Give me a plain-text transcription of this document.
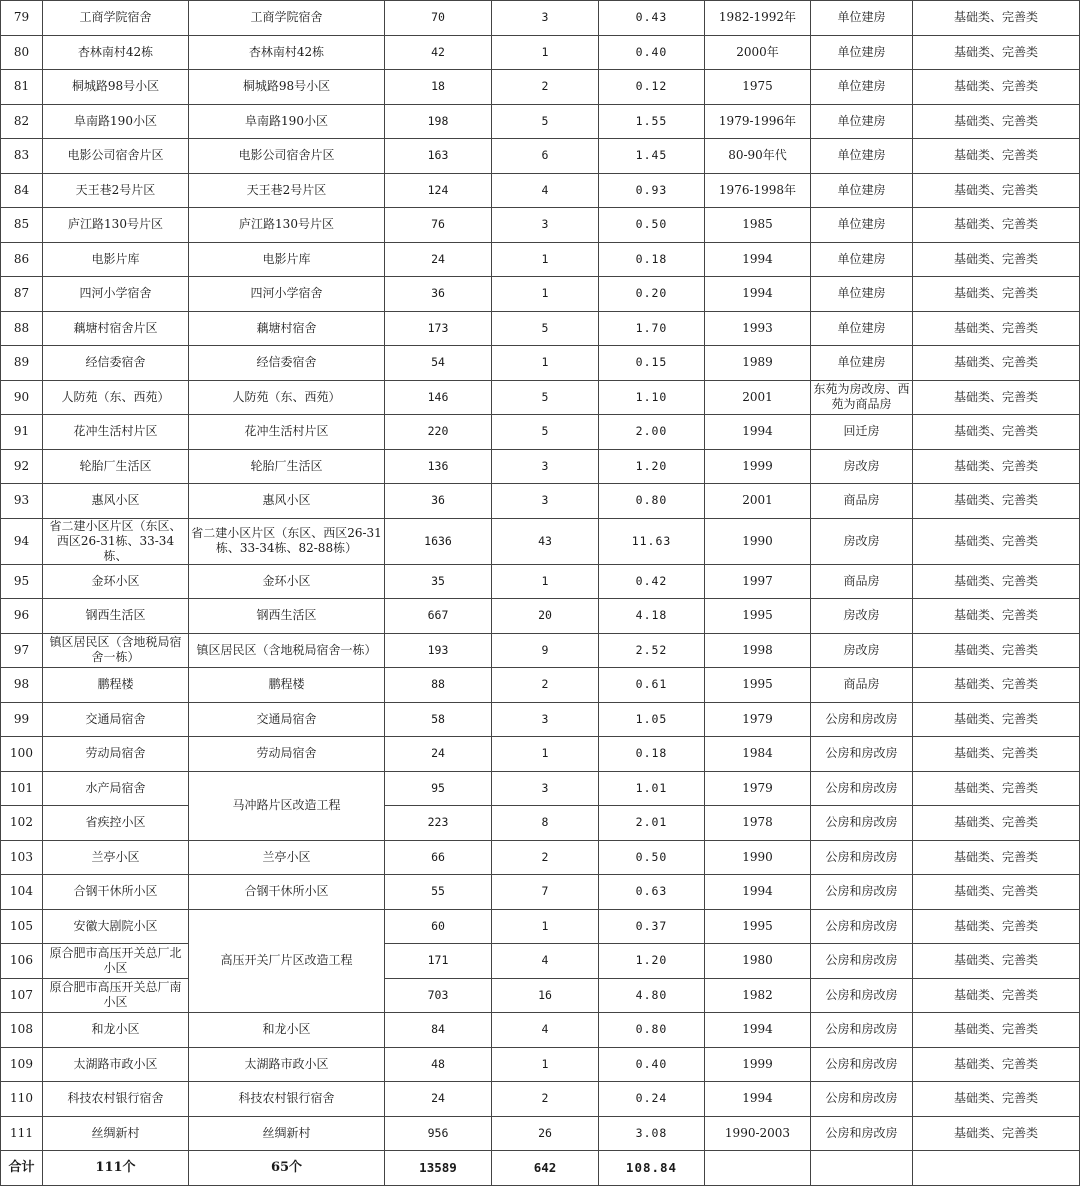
79	工商学院宿舍	工商学院宿舍	70	3	0.43	1982-1992年	单位建房	基础类、完善类
80	杏林南村42栋	杏林南村42栋	42	1	0.40	2000年	单位建房	基础类、完善类
81	桐城路98号小区	桐城路98号小区	18	2	0.12	1975	单位建房	基础类、完善类
82	阜南路190小区	阜南路190小区	198	5	1.55	1979-1996年	单位建房	基础类、完善类
83	电影公司宿舍片区	电影公司宿舍片区	163	6	1.45	80-90年代	单位建房	基础类、完善类
84	天王巷2号片区	天王巷2号片区	124	4	0.93	1976-1998年	单位建房	基础类、完善类
85	庐江路130号片区	庐江路130号片区	76	3	0.50	1985	单位建房	基础类、完善类
86	电影片库	电影片库	24	1	0.18	1994	单位建房	基础类、完善类
87	四河小学宿舍	四河小学宿舍	36	1	0.20	1994	单位建房	基础类、完善类
88	藕塘村宿舍片区	藕塘村宿舍	173	5	1.70	1993	单位建房	基础类、完善类
89	经信委宿舍	经信委宿舍	54	1	0.15	1989	单位建房	基础类、完善类
90	人防苑（东、西苑）	人防苑（东、西苑）	146	5	1.10	2001	东苑为房改房、西苑为商品房	基础类、完善类
91	花冲生活村片区	花冲生活村片区	220	5	2.00	1994	回迁房	基础类、完善类
92	轮胎厂生活区	轮胎厂生活区	136	3	1.20	1999	房改房	基础类、完善类
93	惠风小区	惠风小区	36	3	0.80	2001	商品房	基础类、完善类
94	省二建小区片区（东区、西区26-31栋、33-34栋、	省二建小区片区（东区、西区26-31栋、33-34栋、82-88栋）	1636	43	11.63	1990	房改房	基础类、完善类
95	金环小区	金环小区	35	1	0.42	1997	商品房	基础类、完善类
96	钢西生活区	钢西生活区	667	20	4.18	1995	房改房	基础类、完善类
97	镇区居民区（含地税局宿舍一栋）	镇区居民区（含地税局宿舍一栋）	193	9	2.52	1998	房改房	基础类、完善类
98	鹏程楼	鹏程楼	88	2	0.61	1995	商品房	基础类、完善类
99	交通局宿舍	交通局宿舍	58	3	1.05	1979	公房和房改房	基础类、完善类
100	劳动局宿舍	劳动局宿舍	24	1	0.18	1984	公房和房改房	基础类、完善类
101	水产局宿舍	马冲路片区改造工程	95	3	1.01	1979	公房和房改房	基础类、完善类
102	省疾控小区		223	8	2.01	1978	公房和房改房	基础类、完善类
103	兰亭小区	兰亭小区	66	2	0.50	1990	公房和房改房	基础类、完善类
104	合钢干休所小区	合钢干休所小区	55	7	0.63	1994	公房和房改房	基础类、完善类
105	安徽大剧院小区	高压开关厂片区改造工程	60	1	0.37	1995	公房和房改房	基础类、完善类
106	原合肥市高压开关总厂北小区		171	4	1.20	1980	公房和房改房	基础类、完善类
107	原合肥市高压开关总厂南小区		703	16	4.80	1982	公房和房改房	基础类、完善类
108	和龙小区	和龙小区	84	4	0.80	1994	公房和房改房	基础类、完善类
109	太湖路市政小区	太湖路市政小区	48	1	0.40	1999	公房和房改房	基础类、完善类
110	科技农村银行宿舍	科技农村银行宿舍	24	2	0.24	1994	公房和房改房	基础类、完善类
111	丝绸新村	丝绸新村	956	26	3.08	1990-2003	公房和房改房	基础类、完善类
合计	111个	65个	13589	642	108.84			
